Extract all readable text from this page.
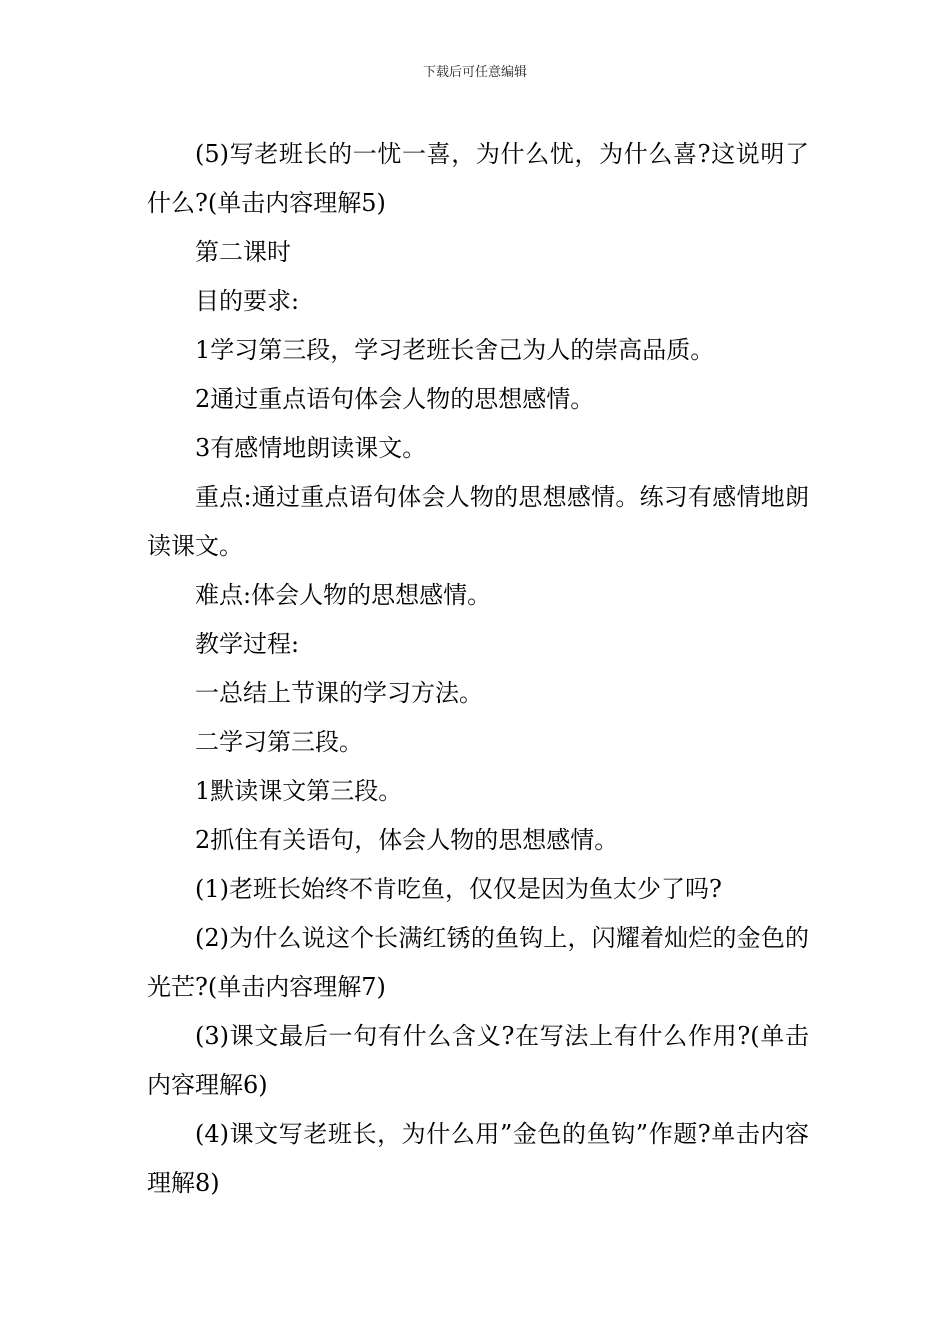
下载后可任意编辑

(5)写老班长的一忧一喜，为什么忧，为什么喜?这说明了什么?(单击内容理解5)

第二课时

目的要求:

1学习第三段，学习老班长舍己为人的崇高品质。

2通过重点语句体会人物的思想感情。

3有感情地朗读课文。

重点:通过重点语句体会人物的思想感情。练习有感情地朗读课文。

难点:体会人物的思想感情。

教学过程:

一总结上节课的学习方法。

二学习第三段。

1默读课文第三段。

2抓住有关语句，体会人物的思想感情。

(1)老班长始终不肯吃鱼，仅仅是因为鱼太少了吗?

(2)为什么说这个长满红锈的鱼钩上，闪耀着灿烂的金色的光芒?(单击内容理解7)

(3)课文最后一句有什么含义?在写法上有什么作用?(单击内容理解6)

(4)课文写老班长，为什么用”金色的鱼钩”作题?单击内容理解8)
